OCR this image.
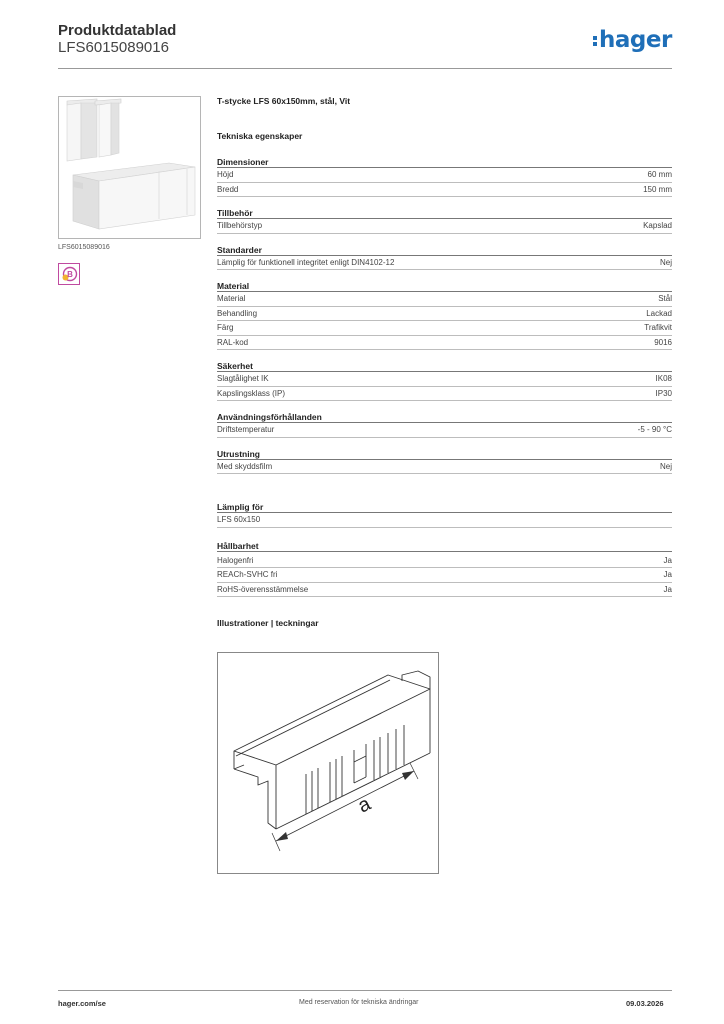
Produktdatablad
LFS6015089016	hager
LFS6015089016
B
T-stycke LFS 60x150mm, stål, Vit
Tekniska egenskaper
Dimensioner
Höjd	60 mm
Bredd	150 mm
Tillbehör
Tillbehörstyp	Kapslad
Standarder
Lämplig för funktionell integritet enligt DIN4102-12	Nej
Material
Material	Stål
Behandling	Lackad
Färg	Trafikvit
RAL-kod	9016
Säkerhet
Slagtålighet IK	IK08
Kapslingsklass (IP)	IP30
Användningsförhållanden
Driftstemperatur	-5 - 90 °C
Utrustning
Med skyddsfilm	Nej
Lämplig för
LFS 60x150
Hållbarhet
Halogenfri	Ja
REACh-SVHC fri	Ja
RoHS-överensstämmelse	Ja
Illustrationer | teckningar
a
hager.com/se	Med reservation för tekniska ändringar	09.03.2026
